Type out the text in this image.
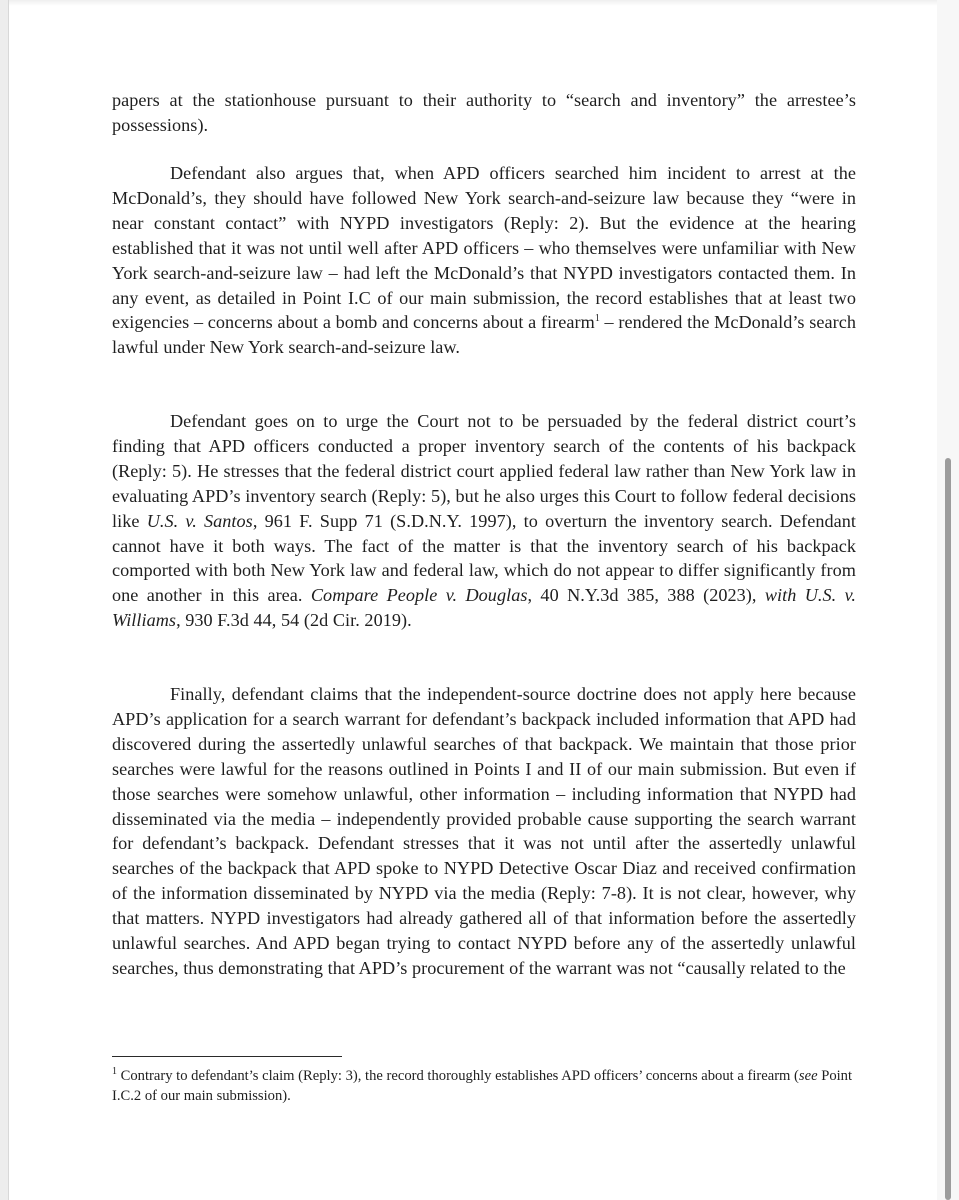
papers at the stationhouse pursuant to their authority to “search and inventory” the arrestee’s possessions).

Defendant also argues that, when APD officers searched him incident to arrest at the McDonald’s, they should have followed New York search-and-seizure law because they “were in near constant contact” with NYPD investigators (Reply: 2). But the evidence at the hearing established that it was not until well after APD officers – who themselves were unfamiliar with New York search-and-seizure law – had left the McDonald’s that NYPD investigators contacted them. In any event, as detailed in Point I.C of our main submission, the record establishes that at least two exigencies – concerns about a bomb and concerns about a firearm$^1$ – rendered the McDonald’s search lawful under New York search-and-seizure law.

Defendant goes on to urge the Court not to be persuaded by the federal district court’s finding that APD officers conducted a proper inventory search of the contents of his backpack (Reply: 5). He stresses that the federal district court applied federal law rather than New York law in evaluating APD’s inventory search (Reply: 5), but he also urges this Court to follow federal decisions like U.S. v. Santos, 961 F. Supp 71 (S.D.N.Y. 1997), to overturn the inventory search. Defendant cannot have it both ways. The fact of the matter is that the inventory search of his backpack comported with both New York law and federal law, which do not appear to differ significantly from one another in this area. Compare People v. Douglas, 40 N.Y.3d 385, 388 (2023), with U.S. v. Williams, 930 F.3d 44, 54 (2d Cir. 2019).

Finally, defendant claims that the independent-source doctrine does not apply here because APD’s application for a search warrant for defendant’s backpack included information that APD had discovered during the assertedly unlawful searches of that backpack. We maintain that those prior searches were lawful for the reasons outlined in Points I and II of our main submission. But even if those searches were somehow unlawful, other information – including information that NYPD had disseminated via the media – independently provided probable cause supporting the search warrant for defendant’s backpack. Defendant stresses that it was not until after the assertedly unlawful searches of the backpack that APD spoke to NYPD Detective Oscar Diaz and received confirmation of the information disseminated by NYPD via the media (Reply: 7-8). It is not clear, however, why that matters. NYPD investigators had already gathered all of that information before the assertedly unlawful searches. And APD began trying to contact NYPD before any of the assertedly unlawful searches, thus demonstrating that APD’s procurement of the warrant was not “causally related to the

$^1$ Contrary to defendant’s claim (Reply: 3), the record thoroughly establishes APD officers’ concerns about a firearm (see Point I.C.2 of our main submission).
